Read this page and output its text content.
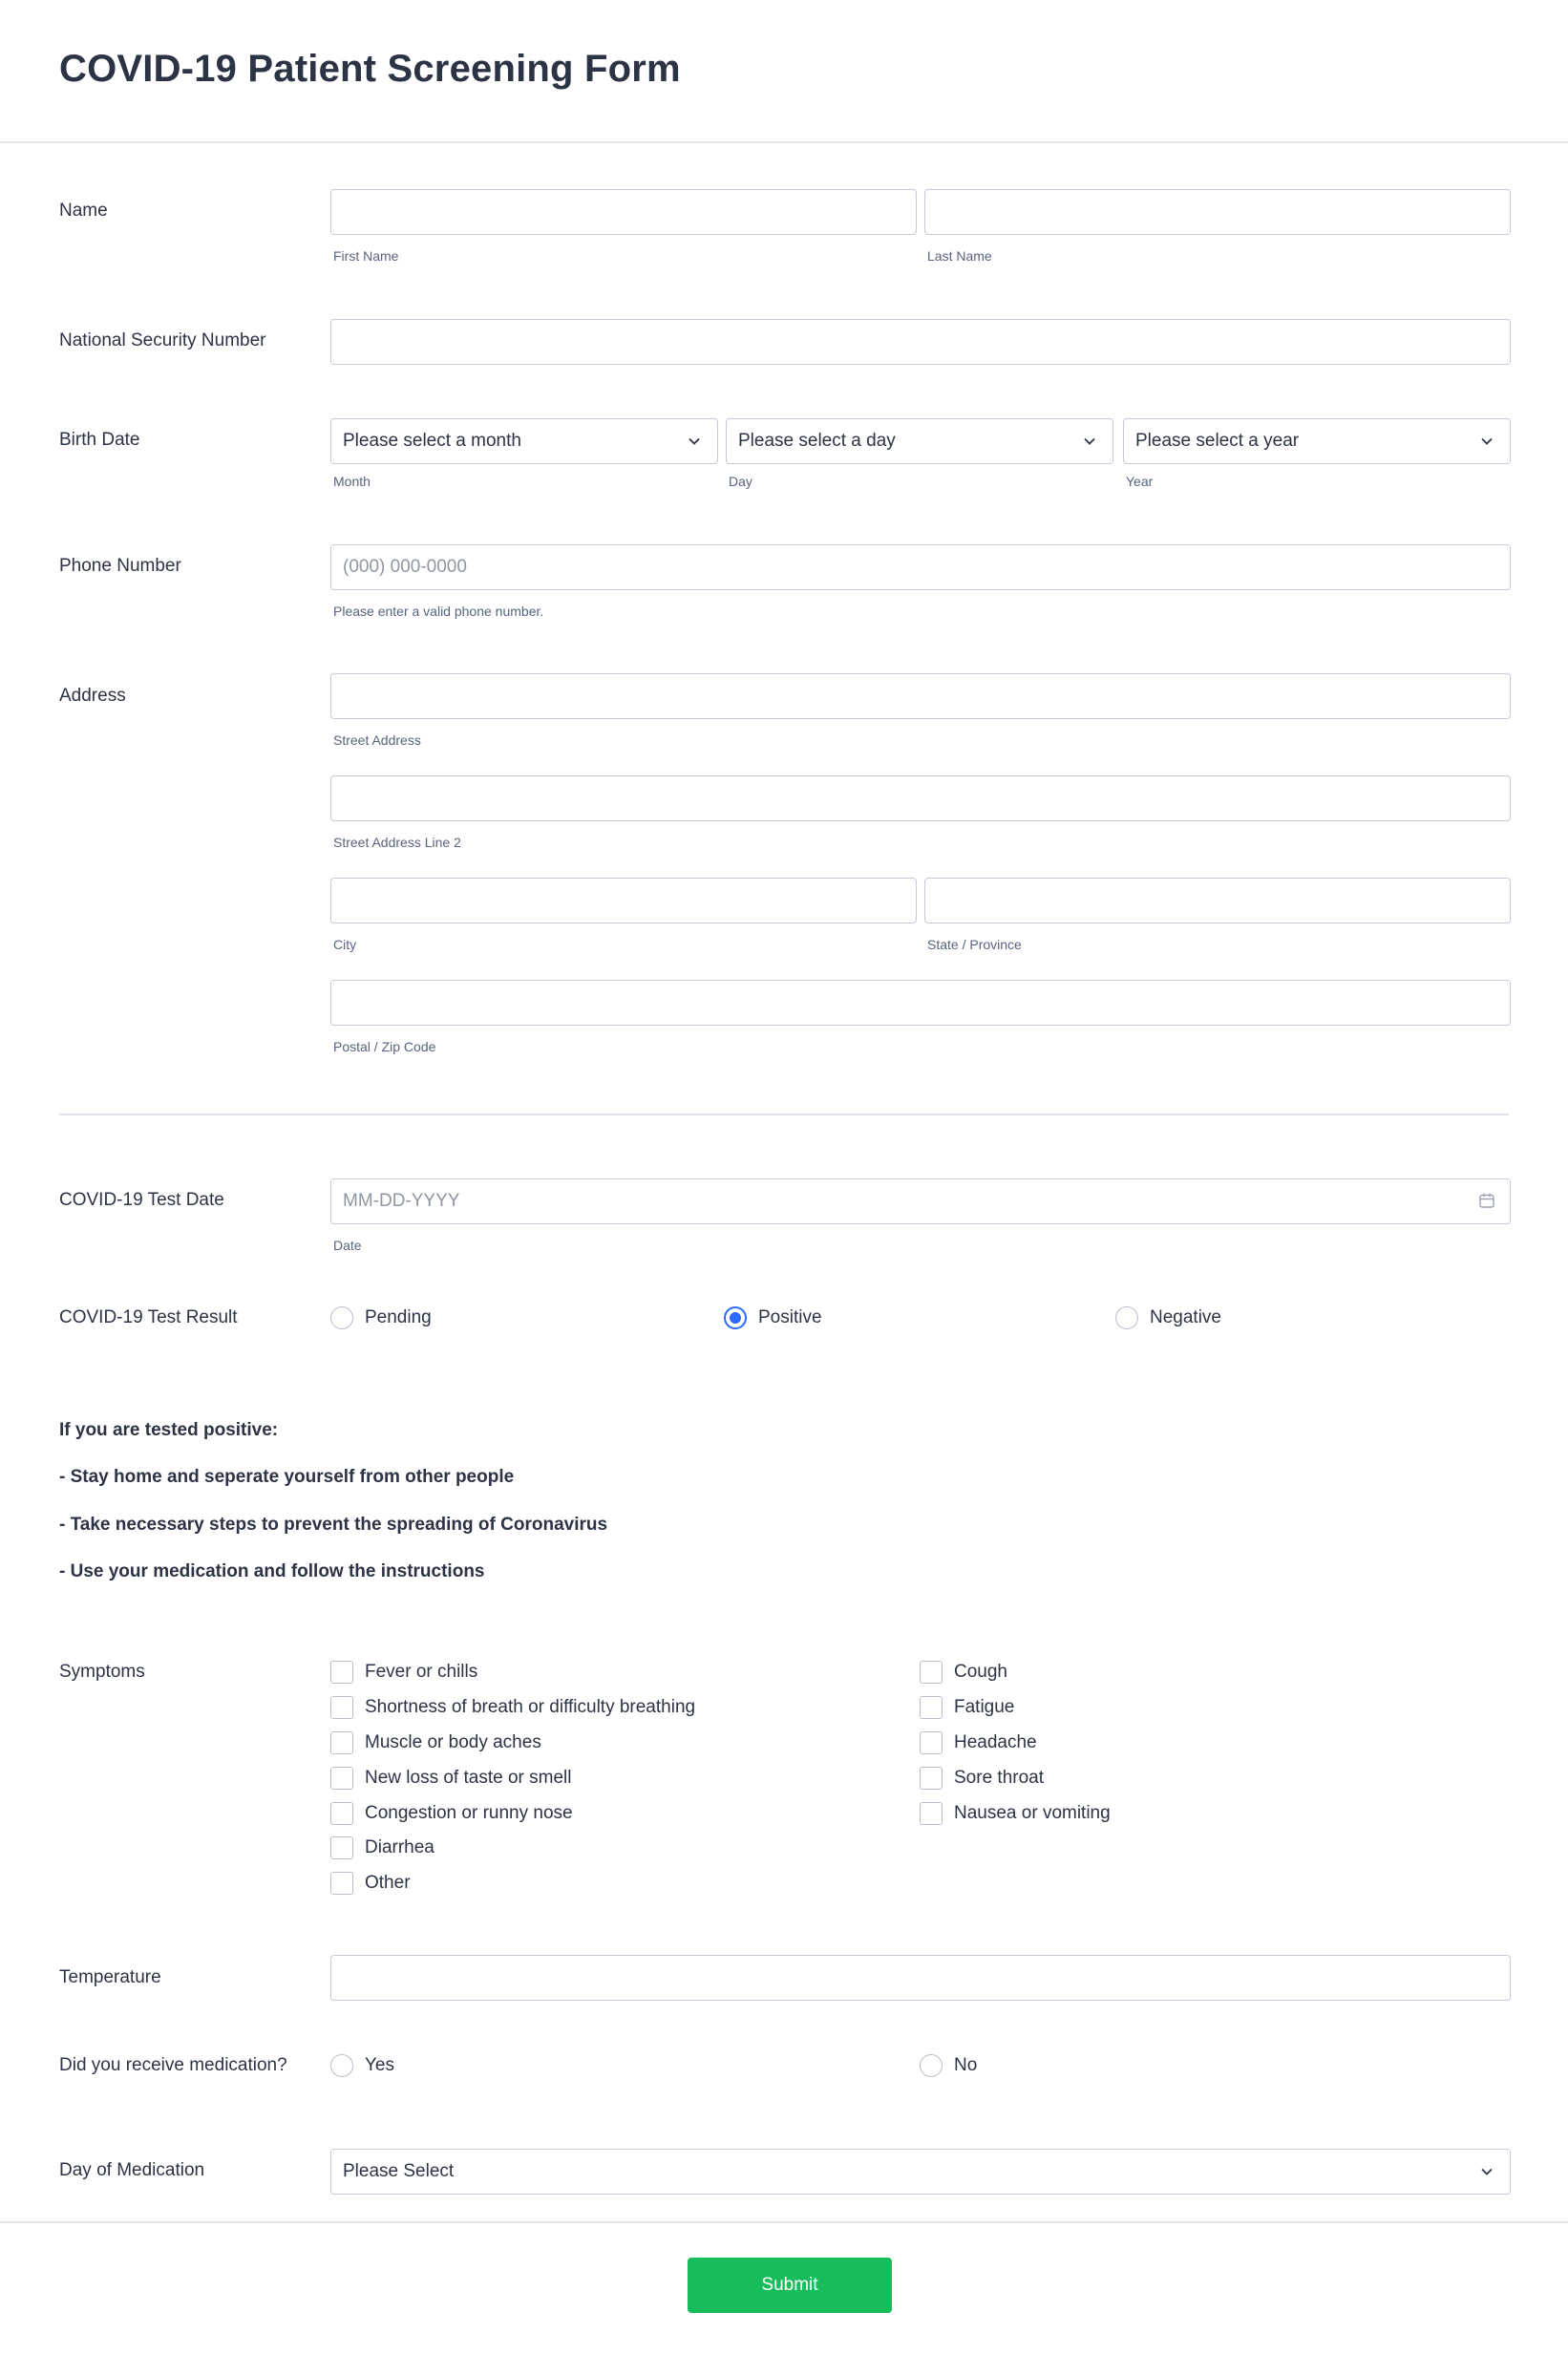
COVID-19 Patient Screening Form
Name
First Name	Last Name
National Security Number
Birth Date	Please select a month	Please select a day	Please select a year
Month	Day	Year
Phone Number
(000) 000-0000
Please enter a valid phone number.
Address
Street Address
Street Address Line 2
City	State / Province
Postal / Zip Code
COVID-19 Test Date
MM-DD-YYYY
Date
COVID-19 Test Result	Pending	Positive	Negative
If you are tested positive:
- Stay home and seperate yourself from other people
- Take necessary steps to prevent the spreading of Coronavirus
- Use your medication and follow the instructions
Symptoms	Fever or chills
Shortness of breath or difficulty breathing
Muscle or body aches
New loss of taste or smell
Congestion or runny nose
Diarrhea
Other
Cough
Fatigue
Headache
Sore throat
Nausea or vomiting
Temperature
Did you receive medication?	Yes	No
Day of Medication	Please Select
Submit
